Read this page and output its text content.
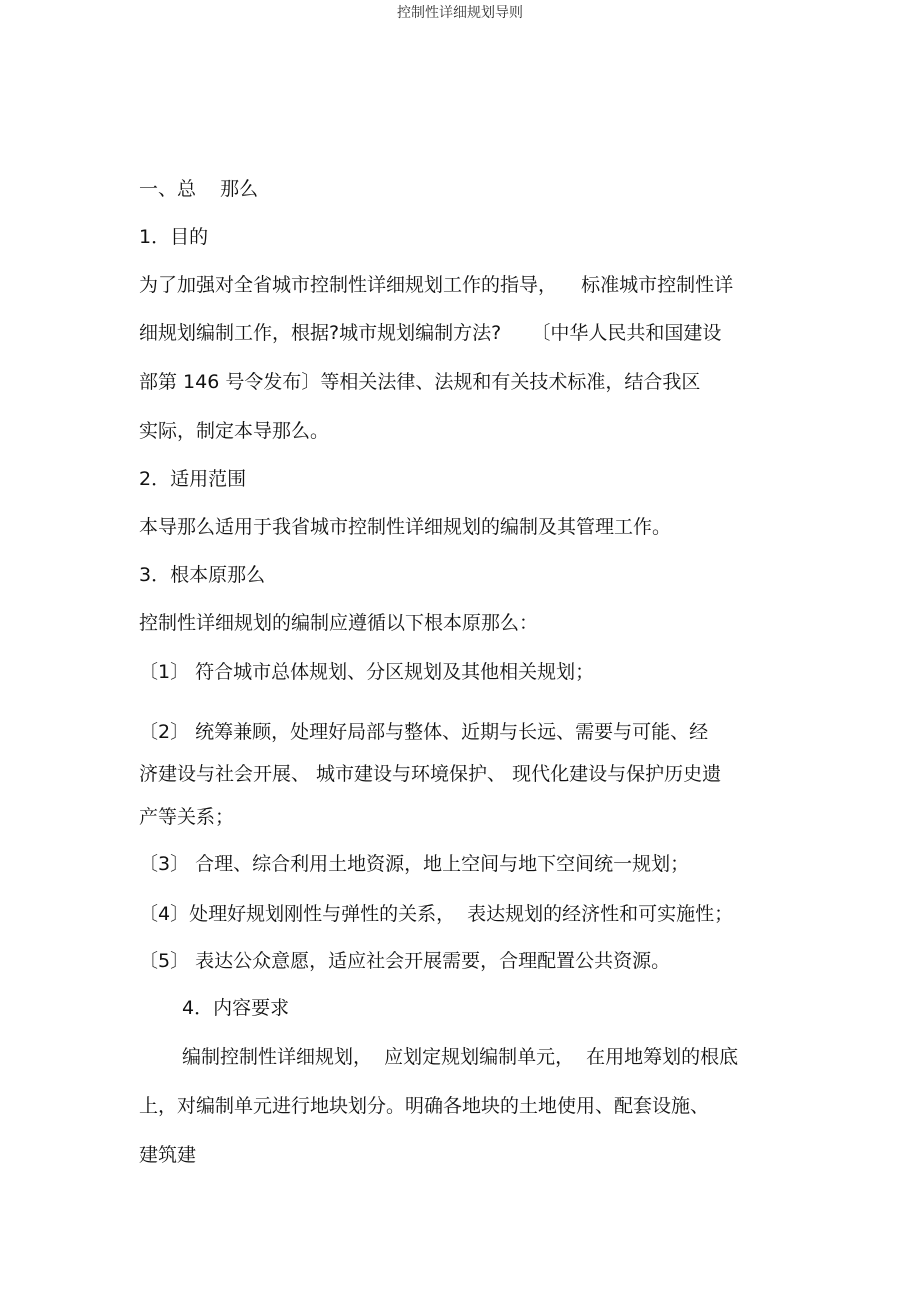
控制性详细规划导则
一、总    那么
1．目的
为了加强对全省城市控制性详细规划工作的指导，    标准城市控制性详
细规划编制工作，根据?城市规划编制方法?     〔中华人民共和国建设
部第 146 号令发布〕等相关法律、法规和有关技术标准，结合我区
实际，制定本导那么。
2．适用范围
本导那么适用于我省城市控制性详细规划的编制及其管理工作。
3．根本原那么
控制性详细规划的编制应遵循以下根本原那么：
〔1〕 符合城市总体规划、分区规划及其他相关规划；
〔2〕 统筹兼顾，处理好局部与整体、近期与长远、需要与可能、经
济建设与社会开展、 城市建设与环境保护、 现代化建设与保护历史遗
产等关系；
〔3〕 合理、综合利用土地资源，地上空间与地下空间统一规划；
〔4〕处理好规划刚性与弹性的关系，  表达规划的经济性和可实施性；
〔5〕 表达公众意愿，适应社会开展需要，合理配置公共资源。
4．内容要求
编制控制性详细规划，  应划定规划编制单元，  在用地筹划的根底
上，对编制单元进行地块划分。明确各地块的土地使用、配套设施、
建筑建
